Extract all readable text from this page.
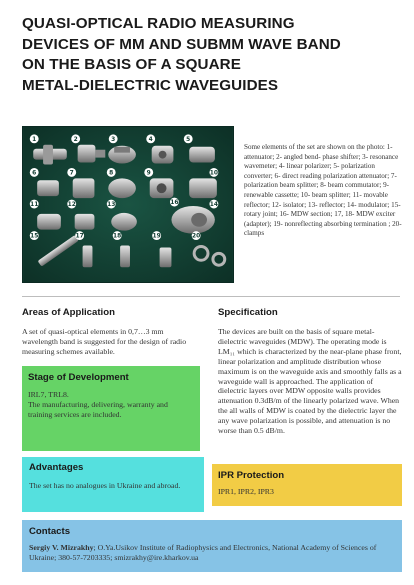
QUASI-OPTICAL RADIO MEASURING
DEVICES OF MM AND SUBMM WAVE BAND
ON THE BASIS OF A SQUARE
METAL-DIELECTRIC WAVEGUIDES
1	2	3	4	5
6	7	8	9	10
11	12	13	14
15
16
17	18	19	20
Some elements of the set are shown on the photo: 1- attenuator; 2- angled bend- phase shifter; 3- resonance wavemeter; 4- linear polarizer; 5- polarization converter; 6- direct reading polarization attenuator; 7- polarization beam splitter; 8- beam commutator; 9- renewable cassette; 10- beam splitter; 11- movable reflector; 12- isolator; 13- reflector; 14- modulator; 15- rotary joint; 16- MDW section; 17, 18- MDW exciter (adapter); 19- nonreflecting absorbing termination ; 20- clamps
Areas of Application
A set of quasi-optical elements in 0,7…3 mm wavelength band is suggested for the design of radio measuring schemes available.
Specification
The devices are built on the basis of square metal-dielectric waveguides (MDW). The operating mode is LM₁₁ which is characterized by the near-plane phase front, linear polarization and amplitude distribution whose maximum is on the waveguide axis and smoothly falls as a waveguide wall is approached. The application of dielectric layers over MDW opposite walls provides attenuation 0.3dB/m of the linearly polarized wave. When the all walls of MDW is coated by the dielectric layer the any wave polarization is possible, and attenuation is no worse than 0.5 dB/m.
Stage of Development
IRL7, TRL8.
The manufacturing, delivering, warranty and training services are included.
Advantages
The set has no analogues in Ukraine and abroad.
IPR Protection
IPR1, IPR2, IPR3
Contacts
Sergiy V. Mizrakhy; O.Ya.Usikov Institute of Radiophysics and Electronics, National Academy of Sciences of Ukraine; 380-57-7203335; smizrakhy@ire.kharkov.ua
